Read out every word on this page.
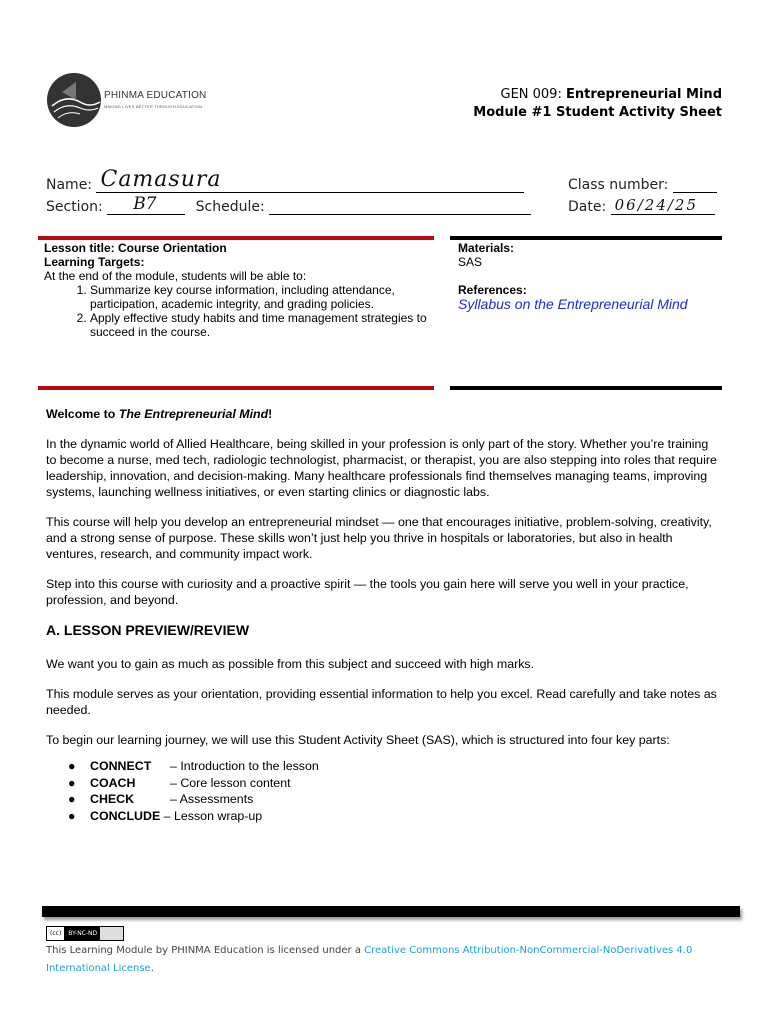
PHINMA EDUCATION
MAKING LIVES BETTER THROUGH EDUCATION
GEN 009: Entrepreneurial Mind
Module #1 Student Activity Sheet
Name: Camasura
Section: B7	Schedule:
Class number:
Date: 06/24/25
Lesson title: Course Orientation
Learning Targets:
At the end of the module, students will be able to:
1. Summarize key course information, including attendance, participation, academic integrity, and grading policies.
2. Apply effective study habits and time management strategies to succeed in the course.
Materials:
SAS
References:
Syllabus on the Entrepreneurial Mind

Welcome to The Entrepreneurial Mind!

In the dynamic world of Allied Healthcare, being skilled in your profession is only part of the story. Whether you’re training to become a nurse, med tech, radiologic technologist, pharmacist, or therapist, you are also stepping into roles that require leadership, innovation, and decision-making. Many healthcare professionals find themselves managing teams, improving systems, launching wellness initiatives, or even starting clinics or diagnostic labs.

This course will help you develop an entrepreneurial mindset — one that encourages initiative, problem-solving, creativity, and a strong sense of purpose. These skills won’t just help you thrive in hospitals or laboratories, but also in health ventures, research, and community impact work.

Step into this course with curiosity and a proactive spirit — the tools you gain here will serve you well in your practice, profession, and beyond.

A. LESSON PREVIEW/REVIEW

We want you to gain as much as possible from this subject and succeed with high marks.

This module serves as your orientation, providing essential information to help you excel. Read carefully and take notes as needed.

To begin our learning journey, we will use this Student Activity Sheet (SAS), which is structured into four key parts:

● CONNECT – Introduction to the lesson
● COACH	– Core lesson content
● CHECK	– Assessments
● CONCLUDE – Lesson wrap-up
(cc) BY-NC-ND
This Learning Module by PHINMA Education is licensed under a Creative Commons Attribution-NonCommercial-NoDerivatives 4.0 International License.
